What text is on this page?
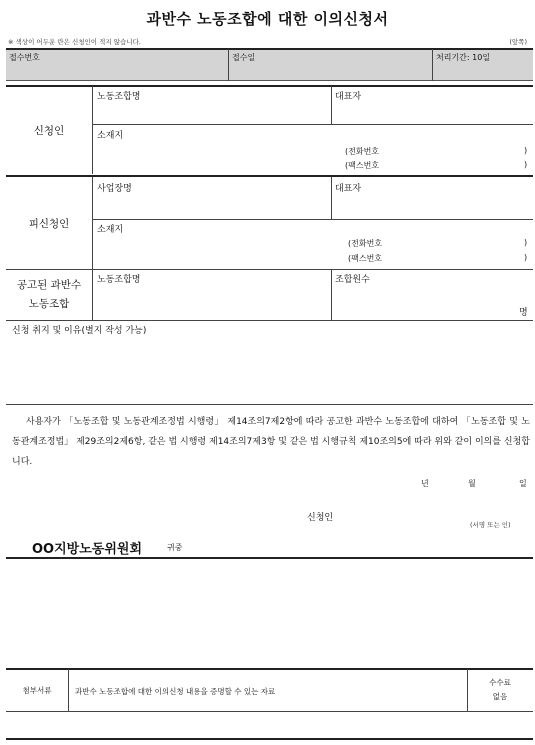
과반수 노동조합에 대한 이의신청서
※ 색상이 어두운 란은 신청인이 적지 않습니다.	(앞쪽)
접수번호	접수일	처리기간: 10일
신청인
노동조합명	대표자
소재지
(전화번호	)
(팩스번호	)
피신청인
사업장명	대표자
소재지
(전화번호	)
(팩스번호	)
공고된 과반수
노동조합
노동조합명	조합원수
명
신청 취지 및 이유(별지 작성 가능)
사용자가 「노동조합 및 노동관계조정법 시행령」 제14조의7제2항에 따라 공고한 과반수 노동조합에 대하여 「노동조합 및 노동관계조정법」 제29조의2제6항, 같은 법 시행령 제14조의7제3항 및 같은 법 시행규칙 제10조의5에 따라 위와 같이 이의를 신청합니다.
년	월	일
신청인
(서명 또는 인)
OO지방노동위원회	귀중
첨부서류	과반수 노동조합에 대한 이의신청 내용을 증명할 수 있는 자료
수수료
없음
